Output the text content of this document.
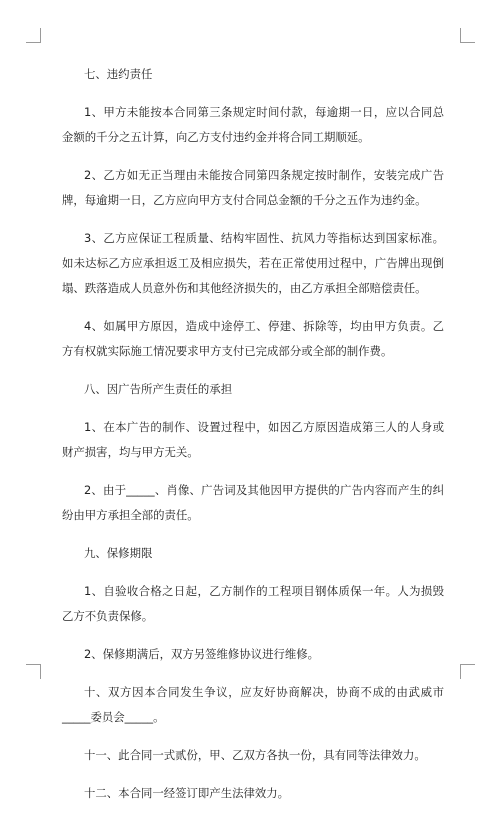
七、违约责任

1、甲方未能按本合同第三条规定时间付款，每逾期一日，应以合同总金额的千分之五计算，向乙方支付违约金并将合同工期顺延。

2、乙方如无正当理由未能按合同第四条规定按时制作，安装完成广告牌，每逾期一日，乙方应向甲方支付合同总金额的千分之五作为违约金。

3、乙方应保证工程质量、结构牢固性、抗风力等指标达到国家标准。如未达标乙方应承担返工及相应损失，若在正常使用过程中，广告牌出现倒塌、跌落造成人员意外伤和其他经济损失的，由乙方承担全部赔偿责任。

4、如属甲方原因，造成中途停工、停建、拆除等，均由甲方负责。乙方有权就实际施工情况要求甲方支付已完成部分或全部的制作费。

八、因广告所产生责任的承担

1、在本广告的制作、设置过程中，如因乙方原因造成第三人的人身或财产损害，均与甲方无关。

2、由于_____、肖像、广告词及其他因甲方提供的广告内容而产生的纠纷由甲方承担全部的责任。

九、保修期限

1、自验收合格之日起，乙方制作的工程项目钢体质保一年。人为损毁乙方不负责保修。

2、保修期满后，双方另签维修协议进行维修。

十、双方因本合同发生争议，应友好协商解决，协商不成的由武威市_____委员会_____。

十一、此合同一式贰份，甲、乙双方各执一份，具有同等法律效力。

十二、本合同一经签订即产生法律效力。
